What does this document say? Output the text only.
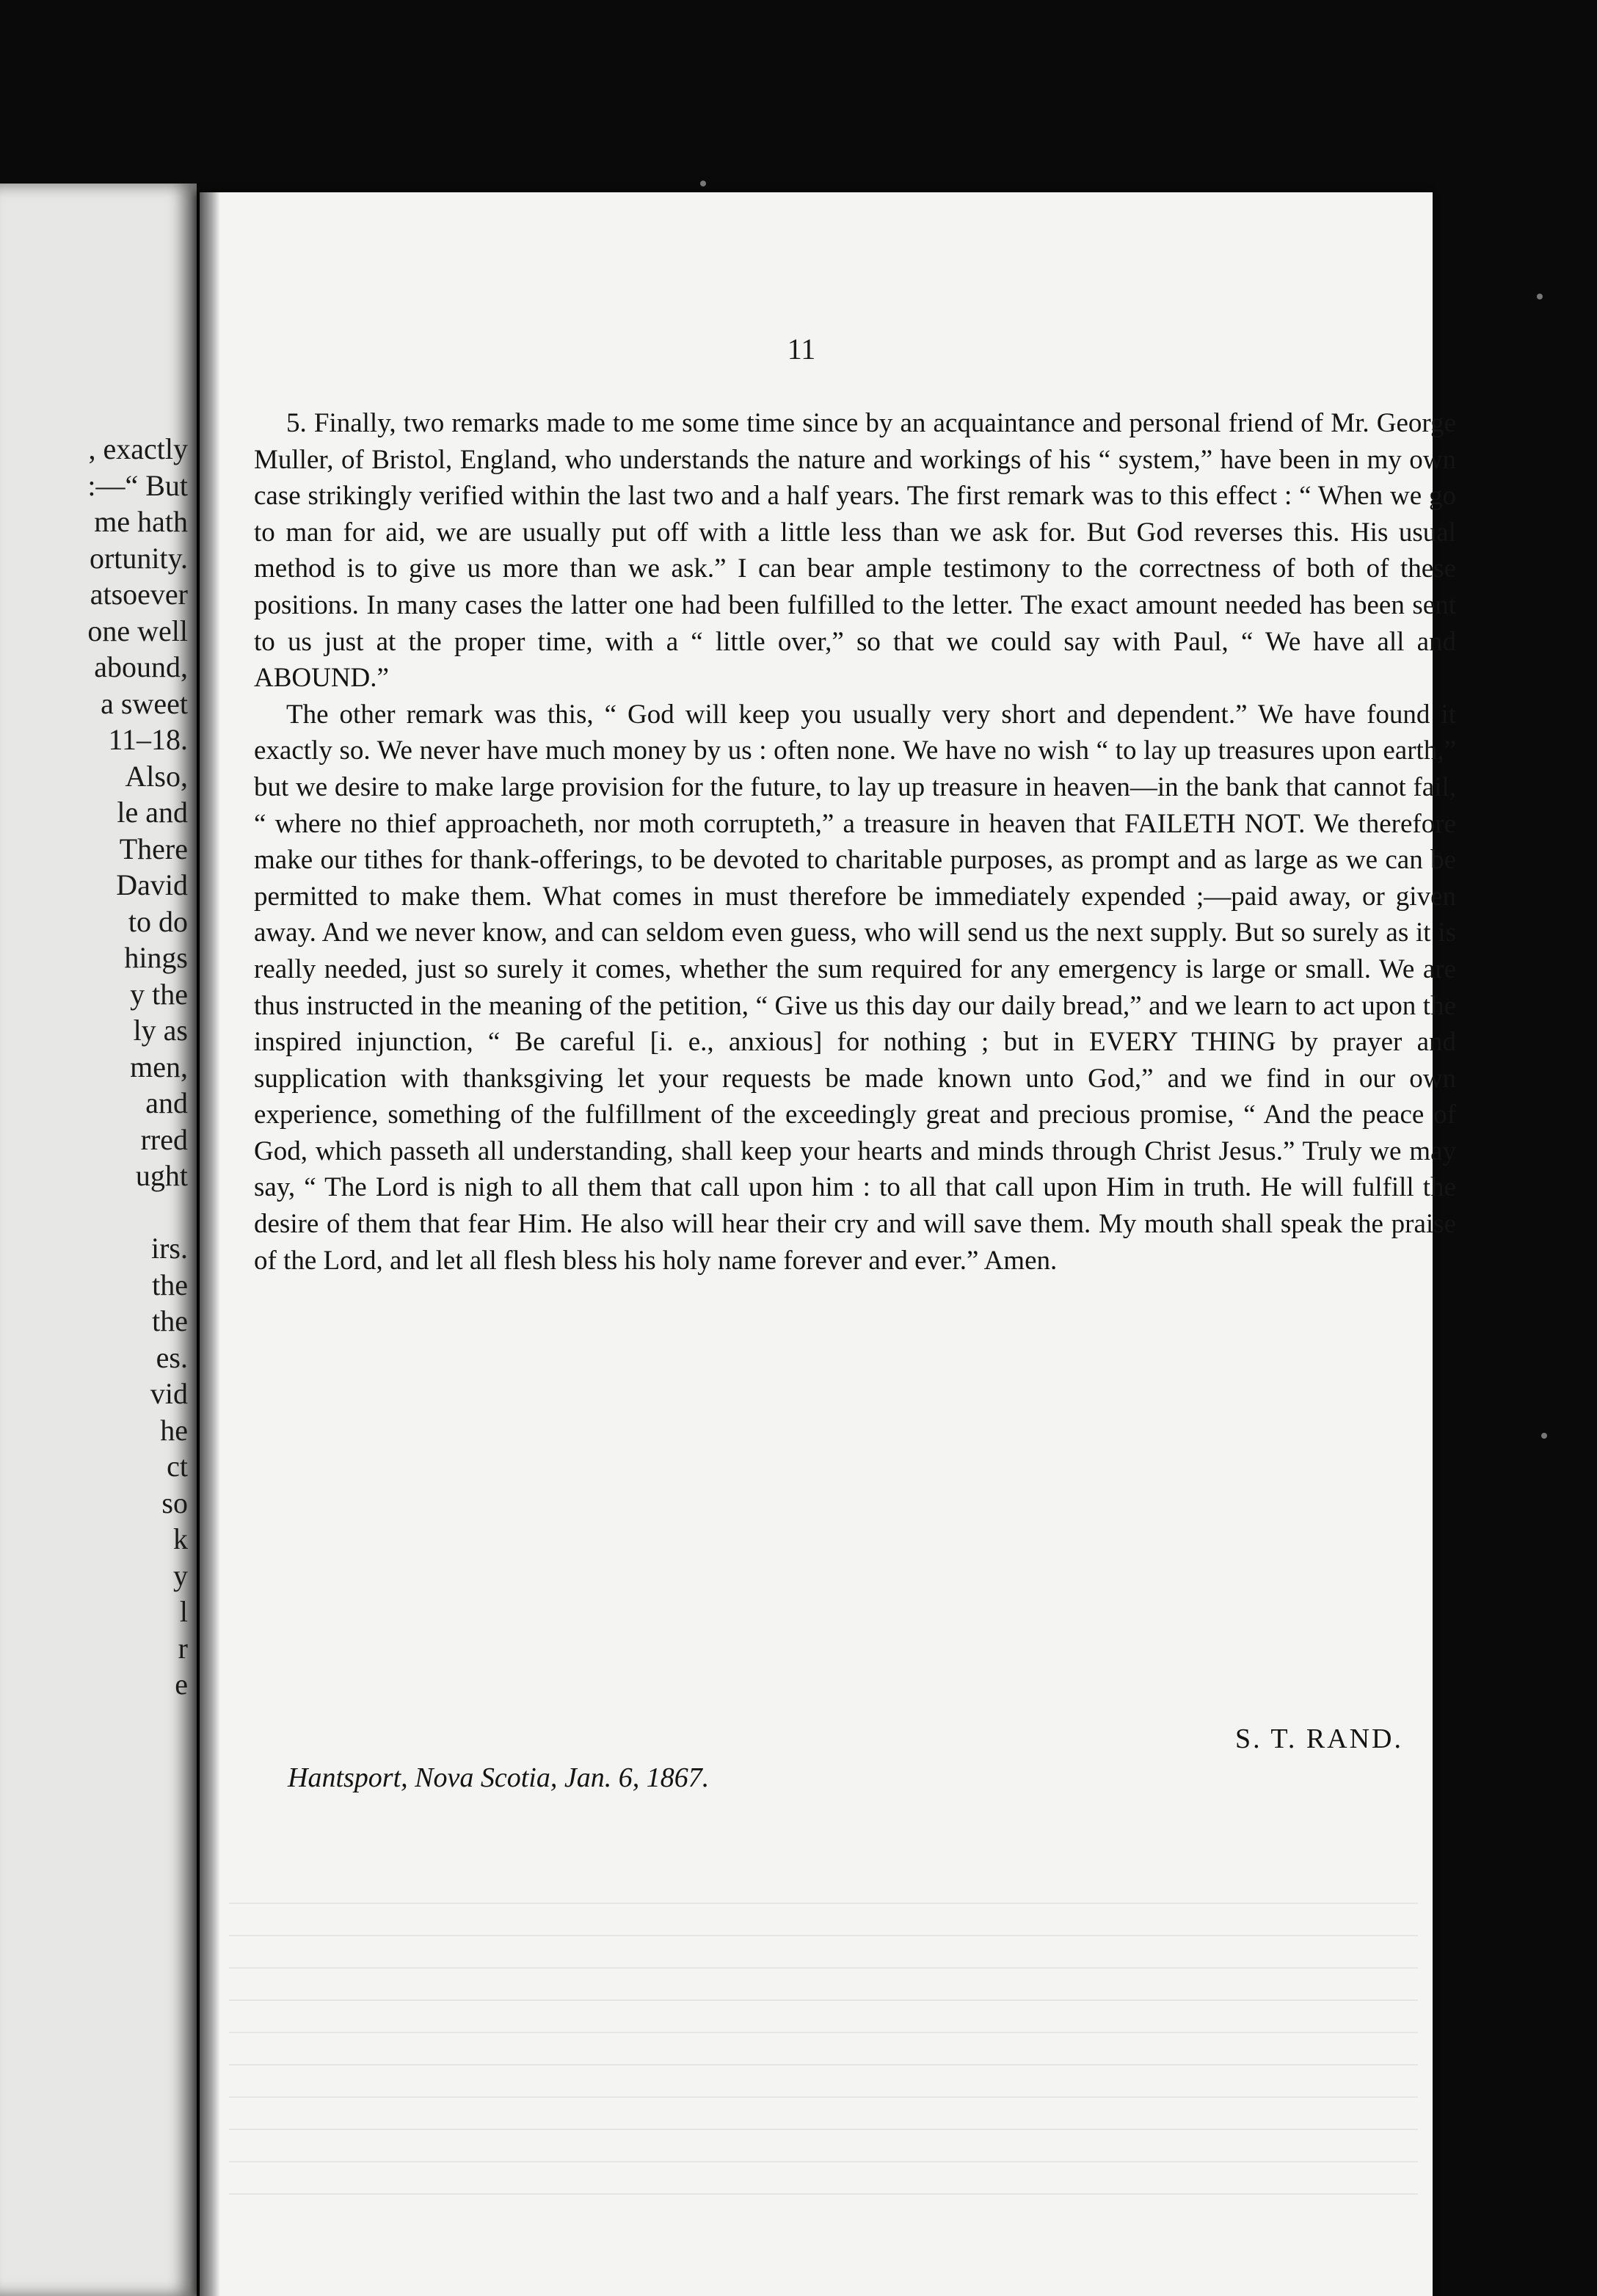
, exactly
:—“ But
me hath
ortunity.
atsoever
one well
abound,
a sweet
11–18.
Also,
le and
There
David
to do
hings
y the
ly as
men,
and
rred
ught
irs.
the
the
es.
vid
he
ct
so
k
y
l
r
e
11

5. Finally, two remarks made to me some time since by an acquaintance and personal friend of Mr. George Muller, of Bristol, England, who understands the nature and workings of his “ system,” have been in my own case strikingly verified within the last two and a half years. The first remark was to this effect : “ When we go to man for aid, we are usually put off with a little less than we ask for. But God reverses this. His usual method is to give us more than we ask.” I can bear ample testimony to the correctness of both of these positions. In many cases the latter one had been fulfilled to the letter. The exact amount needed has been sent to us just at the proper time, with a “ little over,” so that we could say with Paul, “ We have all and ABOUND.”

The other remark was this, “ God will keep you usually very short and dependent.” We have found it exactly so. We never have much money by us : often none. We have no wish “ to lay up treasures upon earth,” but we desire to make large provision for the future, to lay up treasure in heaven—in the bank that cannot fail, “ where no thief approacheth, nor moth corrupteth,” a treasure in heaven that FAILETH NOT. We therefore make our tithes for thank-offerings, to be devoted to charitable purposes, as prompt and as large as we can be permitted to make them. What comes in must therefore be immediately expended ;—paid away, or given away. And we never know, and can seldom even guess, who will send us the next supply. But so surely as it is really needed, just so surely it comes, whether the sum required for any emergency is large or small. We are thus instructed in the meaning of the petition, “ Give us this day our daily bread,” and we learn to act upon the inspired injunction, “ Be careful [i. e., anxious] for nothing ; but in EVERY THING by prayer and supplication with thanksgiving let your requests be made known unto God,” and we find in our own experience, something of the fulfillment of the exceedingly great and precious promise, “ And the peace of God, which passeth all understanding, shall keep your hearts and minds through Christ Jesus.” Truly we may say, “ The Lord is nigh to all them that call upon him : to all that call upon Him in truth. He will fulfill the desire of them that fear Him. He also will hear their cry and will save them. My mouth shall speak the praise of the Lord, and let all flesh bless his holy name forever and ever.” Amen.

S. T. RAND.
Hantsport, Nova Scotia, Jan. 6, 1867.
